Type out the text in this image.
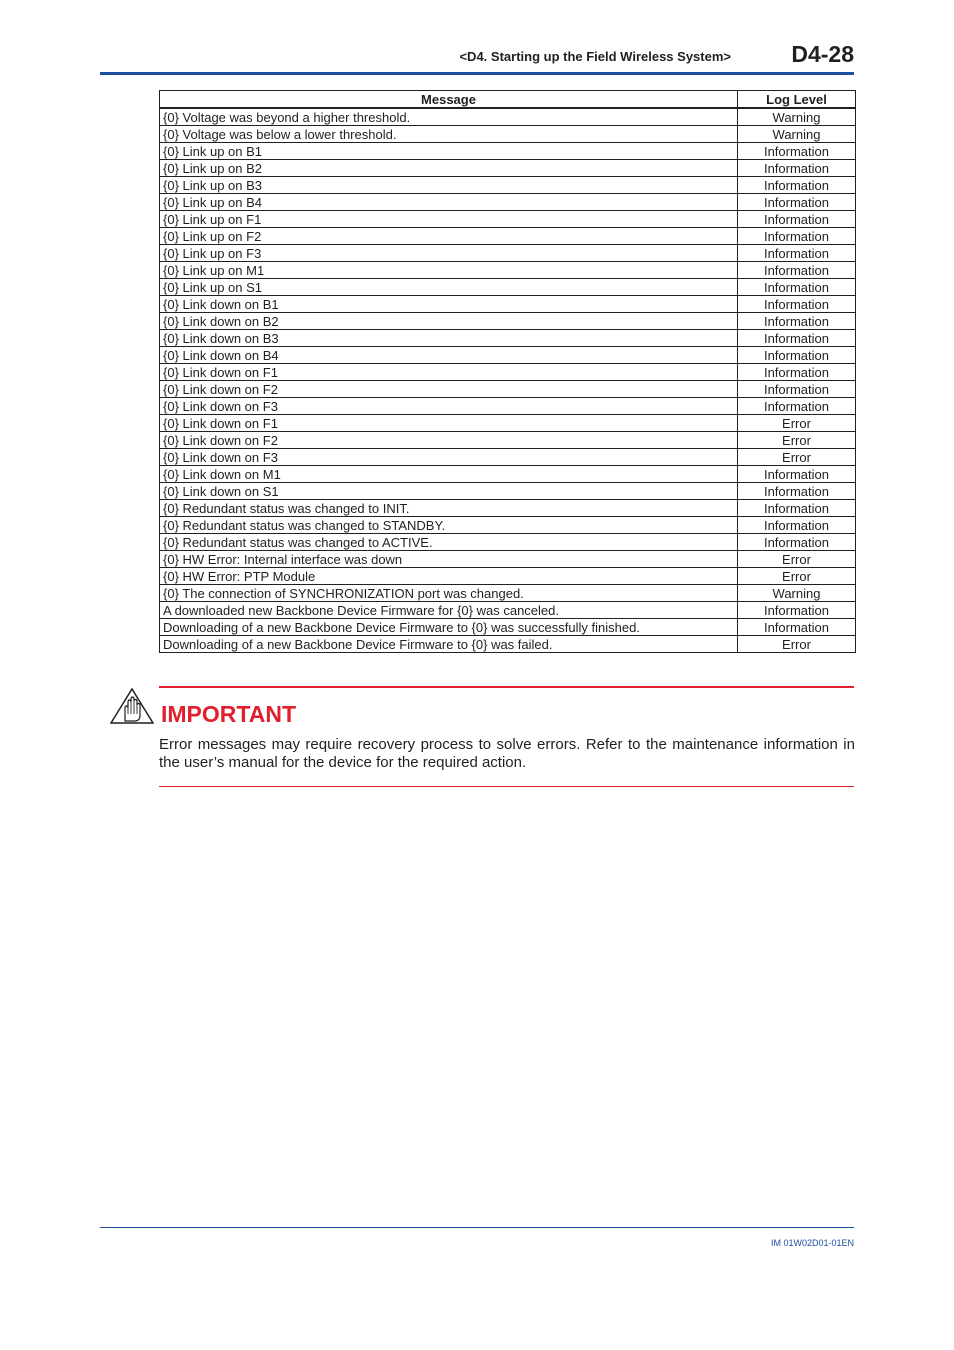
<D4. Starting up the Field Wireless System>	D4-28
Message	Log Level
{0} Voltage was beyond a higher threshold.	Warning
{0} Voltage was below a lower threshold.	Warning
{0} Link up on B1	Information
{0} Link up on B2	Information
{0} Link up on B3	Information
{0} Link up on B4	Information
{0} Link up on F1	Information
{0} Link up on F2	Information
{0} Link up on F3	Information
{0} Link up on M1	Information
{0} Link up on S1	Information
{0} Link down on B1	Information
{0} Link down on B2	Information
{0} Link down on B3	Information
{0} Link down on B4	Information
{0} Link down on F1	Information
{0} Link down on F2	Information
{0} Link down on F3	Information
{0} Link down on F1	Error
{0} Link down on F2	Error
{0} Link down on F3	Error
{0} Link down on M1	Information
{0} Link down on S1	Information
{0} Redundant status was changed to INIT.	Information
{0} Redundant status was changed to STANDBY.	Information
{0} Redundant status was changed to ACTIVE.	Information
{0} HW Error: Internal interface was down	Error
{0} HW Error: PTP Module	Error
{0} The connection of SYNCHRONIZATION port was changed.	Warning
A downloaded new Backbone Device Firmware for {0} was canceled.	Information
Downloading of a new Backbone Device Firmware to {0} was successfully finished.	Information
Downloading of a new Backbone Device Firmware to {0} was failed.	Error
IMPORTANT
Error messages may require recovery process to solve errors. Refer to the maintenance information in the user’s manual for the device for the required action.
IM 01W02D01-01EN
